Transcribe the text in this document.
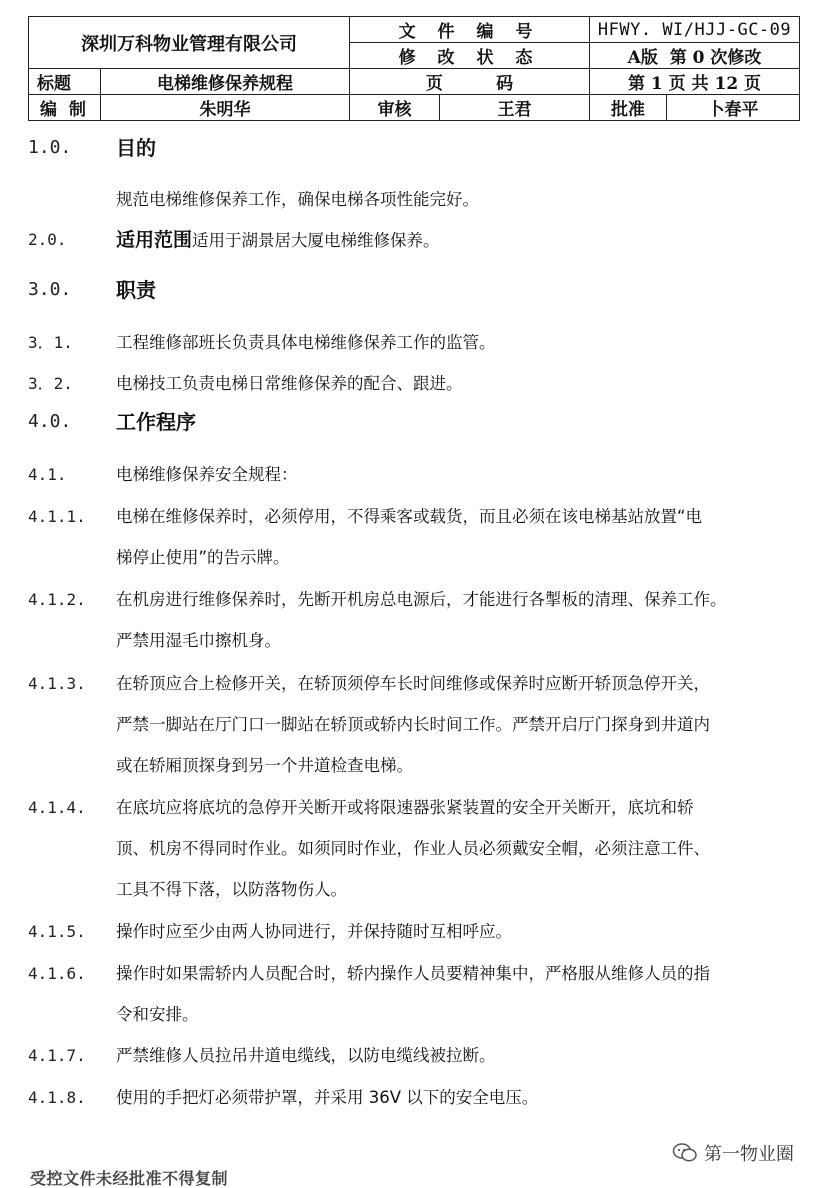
深圳万科物业管理有限公司		文 件 编 号		HFWY. WI/HJJ-GC-09	
		修 改 状 态		A版  第 0 次修改	
标题	电梯维修保养规程	页         码		第 1 页 共 12 页	
编 制	朱明华	审核	王君	批准	卜春平
1.0. 目的
规范电梯维修保养工作，确保电梯各项性能完好。
2.0.	适用范围适用于湖景居大厦电梯维修保养。
3.0. 职责
3．1.	工程维修部班长负责具体电梯维修保养工作的监管。
3．2.	电梯技工负责电梯日常维修保养的配合、跟进。
4.0. 工作程序
4.1.	电梯维修保养安全规程：
4.1.1. 电梯在维修保养时，必须停用，不得乘客或载货，而且必须在该电梯基站放置“电
梯停止使用”的告示牌。
4.1.2. 在机房进行维修保养时，先断开机房总电源后，才能进行各掣板的清理、保养工作。
严禁用湿毛巾擦机身。
4.1.3. 在轿顶应合上检修开关，在轿顶须停车长时间维修或保养时应断开轿顶急停开关，
严禁一脚站在厅门口一脚站在轿顶或轿内长时间工作。严禁开启厅门探身到井道内
或在轿厢顶探身到另一个井道检查电梯。
4.1.4. 在底坑应将底坑的急停开关断开或将限速器张紧装置的安全开关断开，底坑和轿
顶、机房不得同时作业。如须同时作业，作业人员必须戴安全帽，必须注意工件、
工具不得下落，以防落物伤人。
4.1.5. 操作时应至少由两人协同进行，并保持随时互相呼应。
4.1.6. 操作时如果需轿内人员配合时，轿内操作人员要精神集中，严格服从维修人员的指
令和安排。
4.1.7. 严禁维修人员拉吊井道电缆线，以防电缆线被拉断。
4.1.8. 使用的手把灯必须带护罩，并采用 36V 以下的安全电压。
第一物业圈
受控文件未经批准不得复制
